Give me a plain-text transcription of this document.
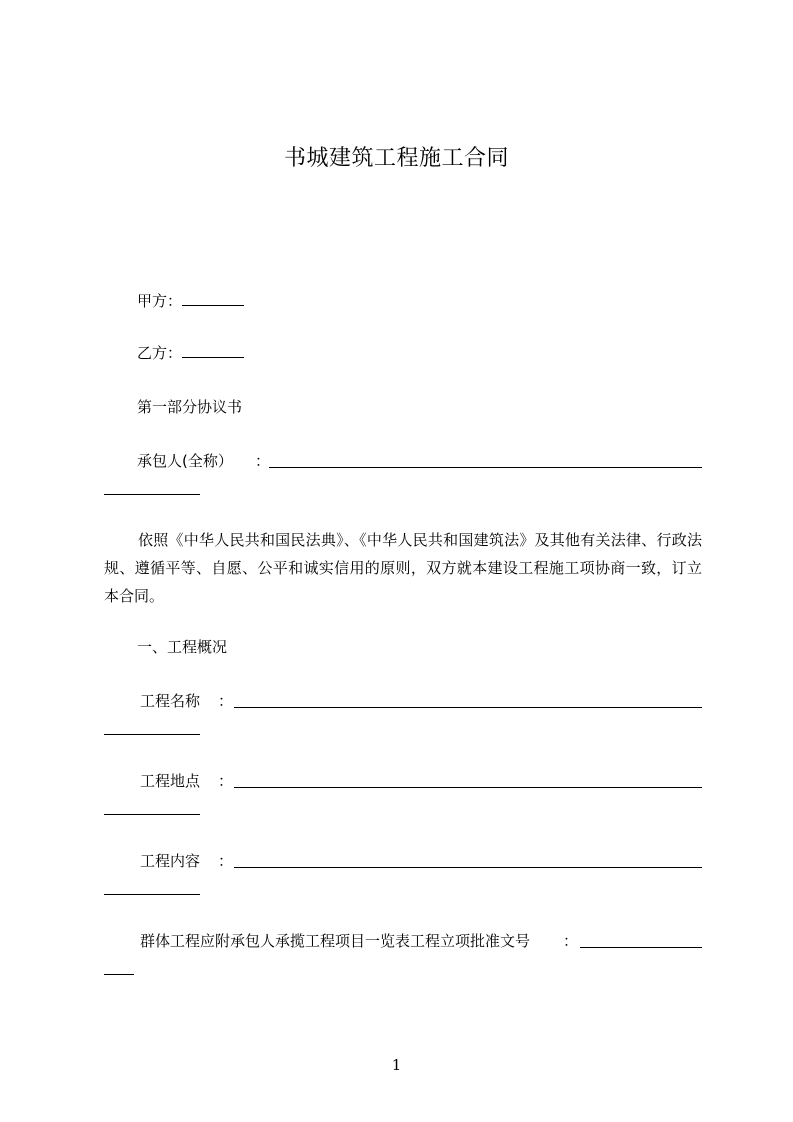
书城建筑工程施工合同
甲方：
乙方：
第一部分协议书
承包人(全称） ：
依照《中华人民共和国民法典》、《中华人民共和国建筑法》及其他有关法律、行政法规、遵循平等、自愿、公平和诚实信用的原则，双方就本建设工程施工项协商一致，订立本合同。
一、工程概况
工程名称 ：
工程地点 ：
工程内容 ：
群体工程应附承包人承揽工程项目一览表工程立项批准文号 ：
1
